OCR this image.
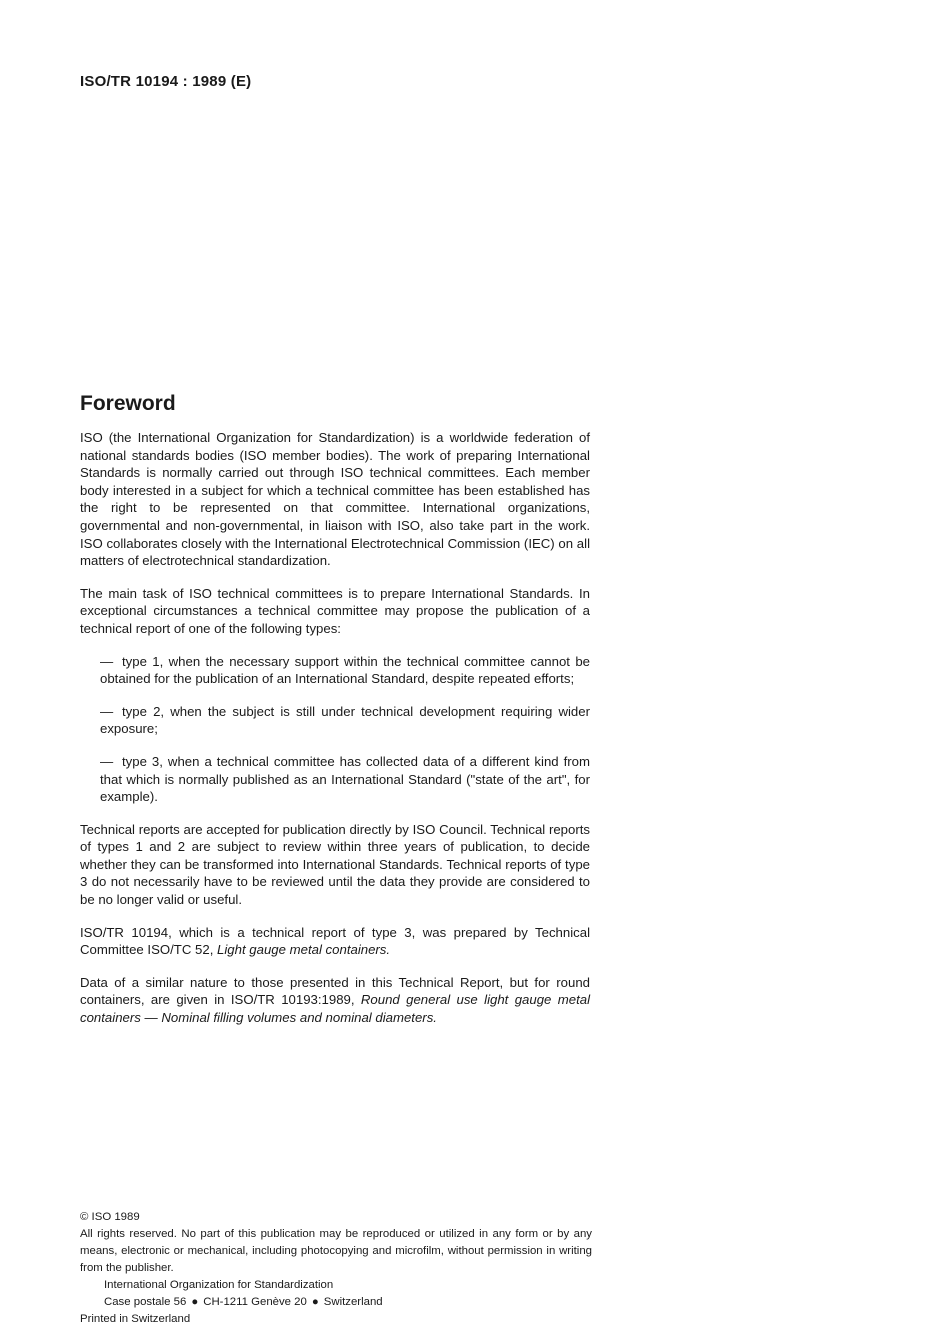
ISO/TR 10194 : 1989 (E)
Foreword

ISO (the International Organization for Standardization) is a worldwide federation of national standards bodies (ISO member bodies). The work of preparing International Standards is normally carried out through ISO technical committees. Each member body interested in a subject for which a technical committee has been established has the right to be represented on that committee. International organizations, governmental and non-governmental, in liaison with ISO, also take part in the work. ISO collaborates closely with the International Electrotechnical Commission (IEC) on all matters of electrotechnical standardization.

The main task of ISO technical committees is to prepare International Standards. In exceptional circumstances a technical committee may propose the publication of a technical report of one of the following types:

— type 1, when the necessary support within the technical committee cannot be obtained for the publication of an International Standard, despite repeated efforts;
— type 2, when the subject is still under technical development requiring wider exposure;
— type 3, when a technical committee has collected data of a different kind from that which is normally published as an International Standard ("state of the art", for example).

Technical reports are accepted for publication directly by ISO Council. Technical reports of types 1 and 2 are subject to review within three years of publication, to decide whether they can be transformed into International Standards. Technical reports of type 3 do not necessarily have to be reviewed until the data they provide are considered to be no longer valid or useful.

ISO/TR 10194, which is a technical report of type 3, was prepared by Technical Committee ISO/TC 52, Light gauge metal containers.

Data of a similar nature to those presented in this Technical Report, but for round containers, are given in ISO/TR 10193:1989, Round general use light gauge metal containers — Nominal filling volumes and nominal diameters.

© ISO 1989
All rights reserved. No part of this publication may be reproduced or utilized in any form or by any means, electronic or mechanical, including photocopying and microfilm, without permission in writing from the publisher.
International Organization for Standardization
Case postale 56 ● CH-1211 Genève 20 ● Switzerland
Printed in Switzerland
